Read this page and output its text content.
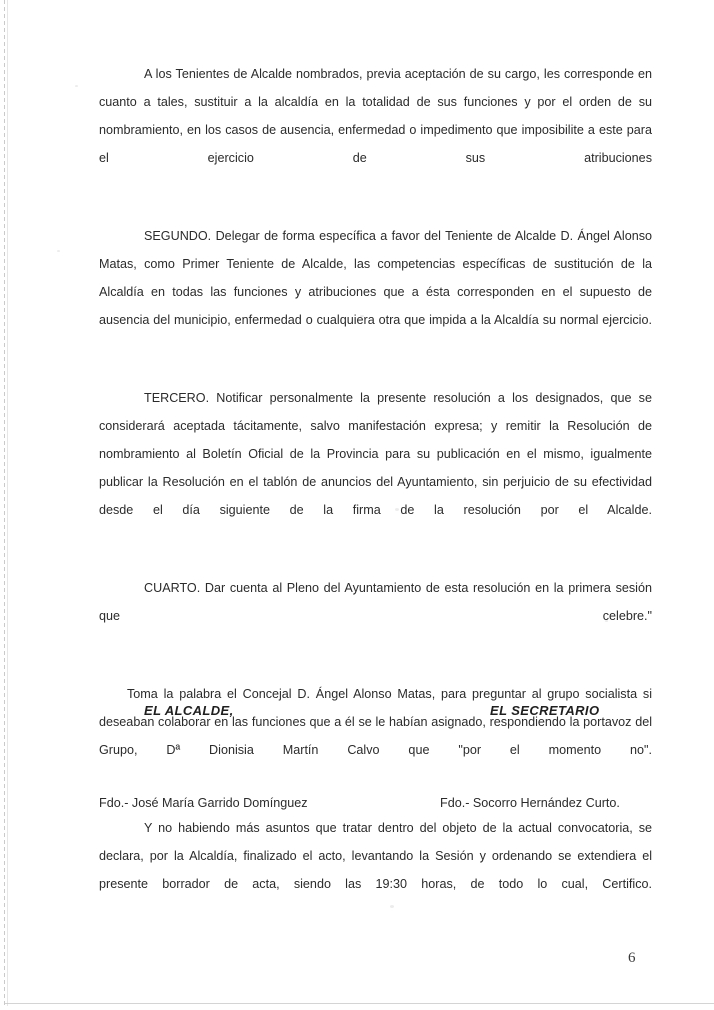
A los Tenientes de Alcalde nombrados, previa aceptación de su cargo, les corresponde en cuanto a tales, sustituir a la alcaldía en la totalidad de sus funciones y por el orden de su nombramiento, en los casos de ausencia, enfermedad o impedimento que imposibilite a este para el ejercicio de sus atribuciones

SEGUNDO. Delegar de forma específica a favor del Teniente de Alcalde D. Ángel Alonso Matas, como Primer Teniente de Alcalde, las competencias específicas de sustitución de la Alcaldía en todas las funciones y atribuciones que a ésta corresponden en el supuesto de ausencia del municipio, enfermedad o cualquiera otra que impida a la Alcaldía su normal ejercicio.

TERCERO. Notificar personalmente la presente resolución a los designados, que se considerará aceptada tácitamente, salvo manifestación expresa; y remitir la Resolución de nombramiento al Boletín Oficial de la Provincia para su publicación en el mismo, igualmente publicar la Resolución en el tablón de anuncios del Ayuntamiento, sin perjuicio de su efectividad desde el día siguiente de la firma de la resolución por el Alcalde.

CUARTO. Dar cuenta al Pleno del Ayuntamiento de esta resolución en la primera sesión que celebre."

Toma la palabra el Concejal D. Ángel Alonso Matas, para preguntar al grupo socialista si deseaban colaborar en las funciones que a él se le habían asignado, respondiendo la portavoz del Grupo, Dª Dionisia Martín Calvo que "por el momento no".

Y no habiendo más asuntos que tratar dentro del objeto de la actual convocatoria, se declara, por la Alcaldía, finalizado el acto, levantando la Sesión y ordenando se extendiera el presente borrador de acta, siendo las 19:30 horas, de todo lo cual, Certifico.

EL ALCALDE,	EL SECRETARIO
Fdo.- José María Garrido Domínguez	Fdo.- Socorro Hernández Curto.
6
